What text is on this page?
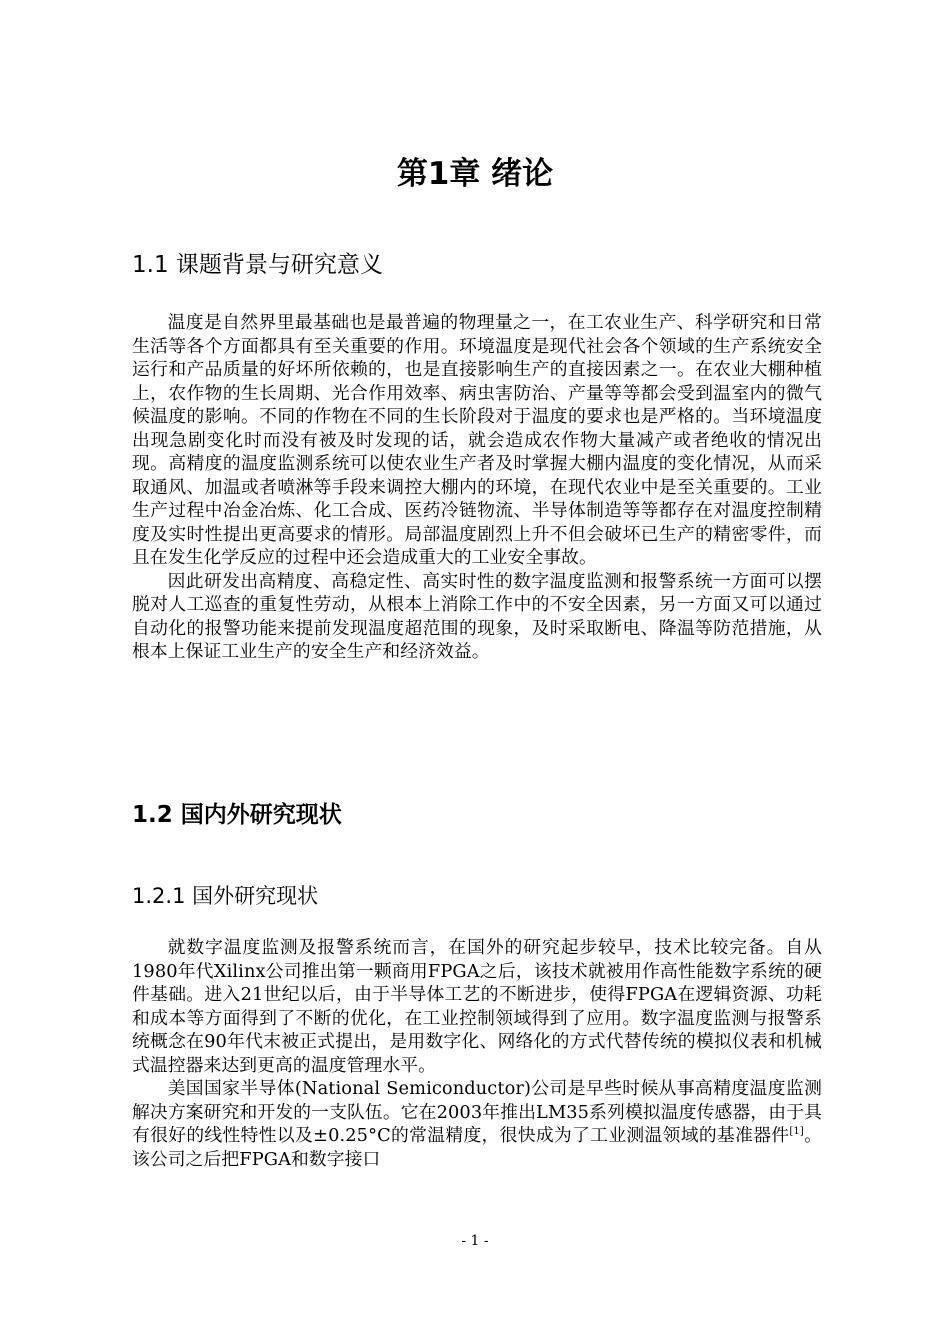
第1章 绪论
1.1 课题背景与研究意义

温度是自然界里最基础也是最普遍的物理量之一，在工农业生产、科学研究和日常生活等各个方面都具有至关重要的作用。环境温度是现代社会各个领域的生产系统安全运行和产品质量的好坏所依赖的，也是直接影响生产的直接因素之一。在农业大棚种植上，农作物的生长周期、光合作用效率、病虫害防治、产量等等都会受到温室内的微气候温度的影响。不同的作物在不同的生长阶段对于温度的要求也是严格的。当环境温度出现急剧变化时而没有被及时发现的话，就会造成农作物大量减产或者绝收的情况出现。高精度的温度监测系统可以使农业生产者及时掌握大棚内温度的变化情况，从而采取通风、加温或者喷淋等手段来调控大棚内的环境，在现代农业中是至关重要的。工业生产过程中冶金冶炼、化工合成、医药冷链物流、半导体制造等等都存在对温度控制精度及实时性提出更高要求的情形。局部温度剧烈上升不但会破坏已生产的精密零件，而且在发生化学反应的过程中还会造成重大的工业安全事故。

因此研发出高精度、高稳定性、高实时性的数字温度监测和报警系统一方面可以摆脱对人工巡查的重复性劳动，从根本上消除工作中的不安全因素，另一方面又可以通过自动化的报警功能来提前发现温度超范围的现象，及时采取断电、降温等防范措施，从根本上保证工业生产的安全生产和经济效益。

1.2 国内外研究现状
1.2.1 国外研究现状

就数字温度监测及报警系统而言，在国外的研究起步较早，技术比较完备。自从1980年代Xilinx公司推出第一颗商用FPGA之后，该技术就被用作高性能数字系统的硬件基础。进入21世纪以后，由于半导体工艺的不断进步，使得FPGA在逻辑资源、功耗和成本等方面得到了不断的优化，在工业控制领域得到了应用。数字温度监测与报警系统概念在90年代末被正式提出，是用数字化、网络化的方式代替传统的模拟仪表和机械式温控器来达到更高的温度管理水平。

美国国家半导体(National Semiconductor)公司是早些时候从事高精度温度监测解决方案研究和开发的一支队伍。它在2003年推出LM35系列模拟温度传感器，由于具有很好的线性特性以及±0.25°C的常温精度，很快成为了工业测温领域的基准器件[1]。该公司之后把FPGA和数字接口

- 1 -
